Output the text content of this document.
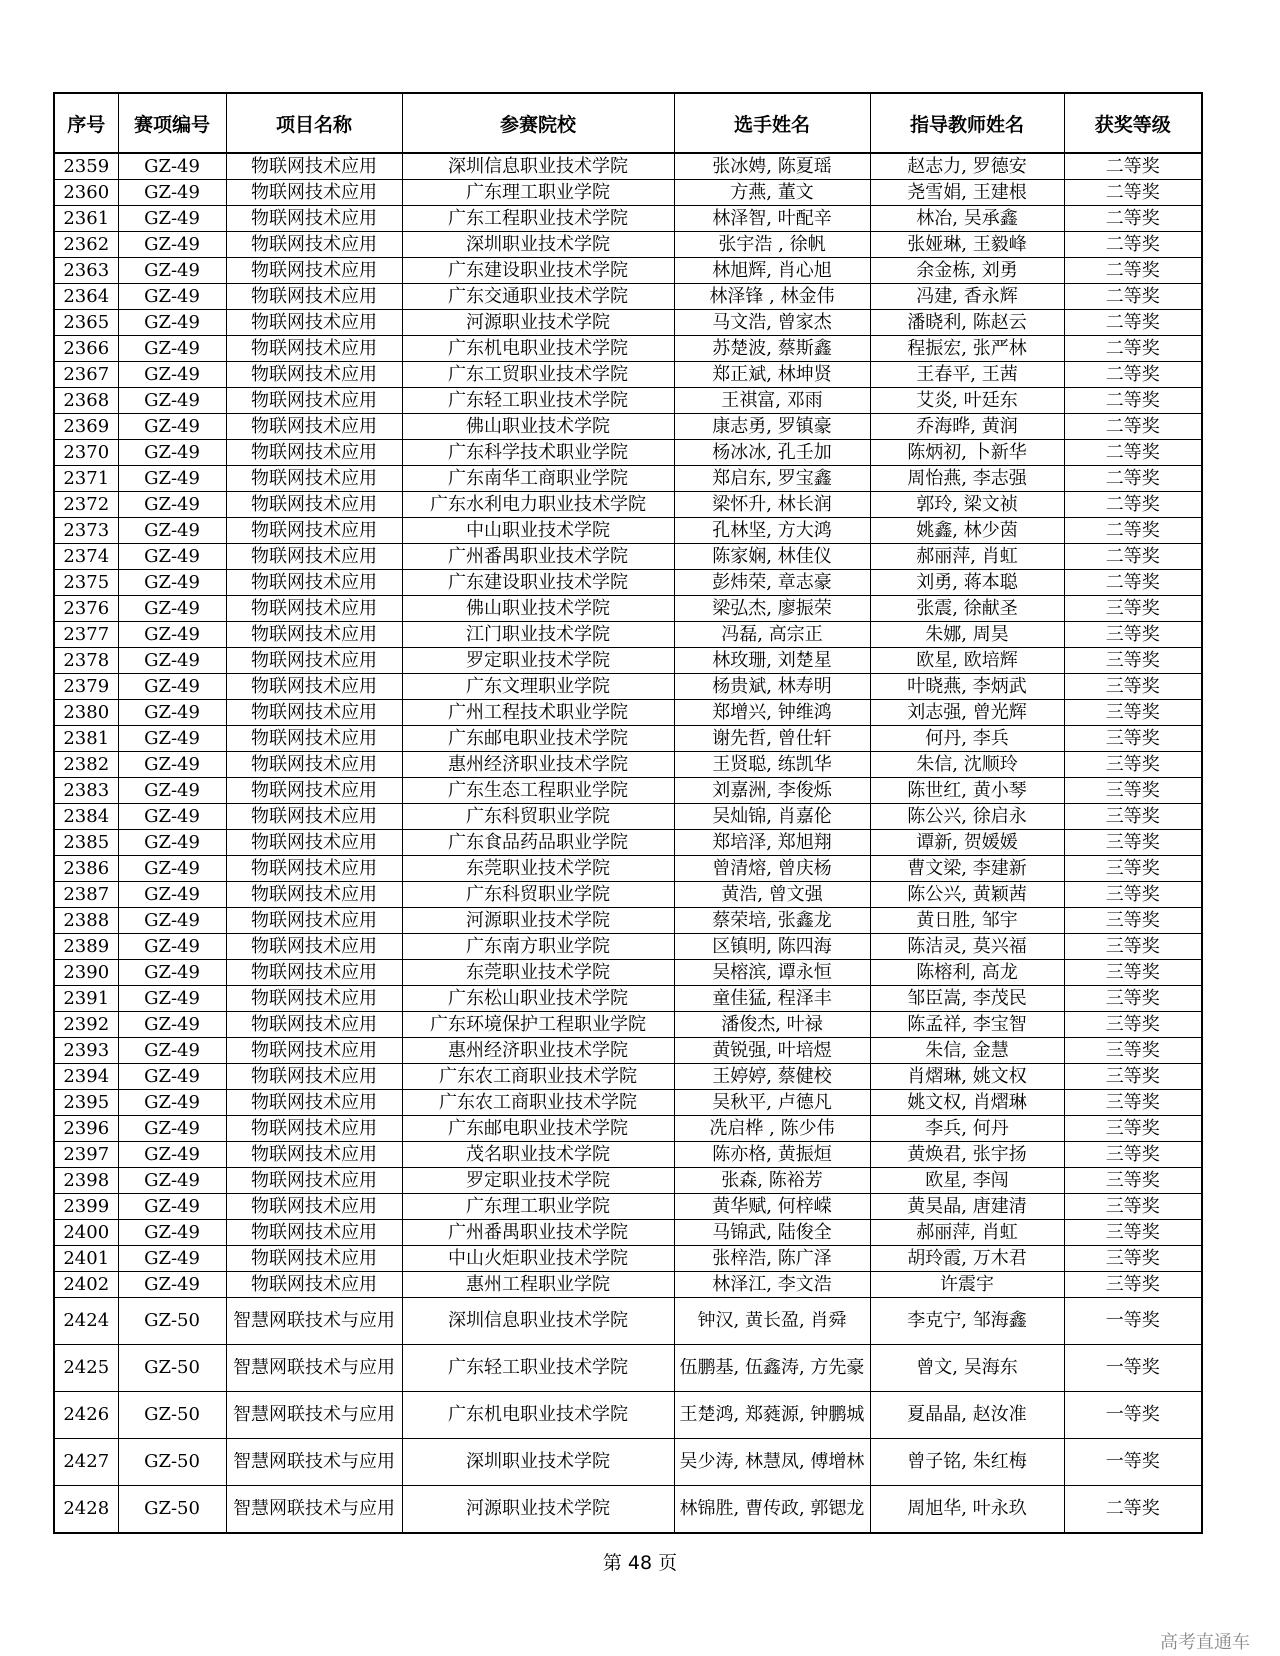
序号	赛项编号	项目名称	参赛院校	选手姓名	指导教师姓名	获奖等级
2359	GZ-49	物联网技术应用	深圳信息职业技术学院	张冰娉, 陈夏瑶	赵志力, 罗德安	二等奖
2360	GZ-49	物联网技术应用	广东理工职业学院	方燕, 董文	尧雪娟, 王建根	二等奖
2361	GZ-49	物联网技术应用	广东工程职业技术学院	林泽智, 叶配辛	林冶, 吴承鑫	二等奖
2362	GZ-49	物联网技术应用	深圳职业技术学院	张宇浩 , 徐帆	张娅琳, 王毅峰	二等奖
2363	GZ-49	物联网技术应用	广东建设职业技术学院	林旭辉, 肖心旭	余金栋, 刘勇	二等奖
2364	GZ-49	物联网技术应用	广东交通职业技术学院	林泽锋 , 林金伟	冯建, 香永辉	二等奖
2365	GZ-49	物联网技术应用	河源职业技术学院	马文浩, 曾家杰	潘晓利, 陈赵云	二等奖
2366	GZ-49	物联网技术应用	广东机电职业技术学院	苏楚波, 蔡斯鑫	程振宏, 张严林	二等奖
2367	GZ-49	物联网技术应用	广东工贸职业技术学院	郑正斌, 林坤贤	王春平, 王茜	二等奖
2368	GZ-49	物联网技术应用	广东轻工职业技术学院	王祺富, 邓雨	艾炎, 叶廷东	二等奖
2369	GZ-49	物联网技术应用	佛山职业技术学院	康志勇, 罗镇豪	乔海晔, 黄润	二等奖
2370	GZ-49	物联网技术应用	广东科学技术职业学院	杨冰冰, 孔壬加	陈炳初, 卜新华	二等奖
2371	GZ-49	物联网技术应用	广东南华工商职业学院	郑启东, 罗宝鑫	周怡燕, 李志强	二等奖
2372	GZ-49	物联网技术应用	广东水利电力职业技术学院	梁怀升, 林长润	郭玲, 梁文祯	二等奖
2373	GZ-49	物联网技术应用	中山职业技术学院	孔林坚, 方大鸿	姚鑫, 林少茵	二等奖
2374	GZ-49	物联网技术应用	广州番禺职业技术学院	陈家娴, 林佳仪	郝丽萍, 肖虹	二等奖
2375	GZ-49	物联网技术应用	广东建设职业技术学院	彭炜荣, 章志豪	刘勇, 蒋本聪	二等奖
2376	GZ-49	物联网技术应用	佛山职业技术学院	梁弘杰, 廖振荣	张震, 徐献圣	三等奖
2377	GZ-49	物联网技术应用	江门职业技术学院	冯磊, 高宗正	朱娜, 周昊	三等奖
2378	GZ-49	物联网技术应用	罗定职业技术学院	林玫珊, 刘楚星	欧星, 欧培辉	三等奖
2379	GZ-49	物联网技术应用	广东文理职业学院	杨贵斌, 林寿明	叶晓燕, 李炳武	三等奖
2380	GZ-49	物联网技术应用	广州工程技术职业学院	郑增兴, 钟维鸿	刘志强, 曾光辉	三等奖
2381	GZ-49	物联网技术应用	广东邮电职业技术学院	谢先哲, 曾仕轩	何丹, 李兵	三等奖
2382	GZ-49	物联网技术应用	惠州经济职业技术学院	王贤聪, 练凯华	朱信, 沈顺玲	三等奖
2383	GZ-49	物联网技术应用	广东生态工程职业学院	刘嘉洲, 李俊烁	陈世红, 黄小琴	三等奖
2384	GZ-49	物联网技术应用	广东科贸职业学院	吴灿锦, 肖嘉伦	陈公兴, 徐启永	三等奖
2385	GZ-49	物联网技术应用	广东食品药品职业学院	郑培泽, 郑旭翔	谭新, 贺媛媛	三等奖
2386	GZ-49	物联网技术应用	东莞职业技术学院	曾清熔, 曾庆杨	曹文梁, 李建新	三等奖
2387	GZ-49	物联网技术应用	广东科贸职业学院	黄浩, 曾文强	陈公兴, 黄颖茜	三等奖
2388	GZ-49	物联网技术应用	河源职业技术学院	蔡荣培, 张鑫龙	黄日胜, 邹宇	三等奖
2389	GZ-49	物联网技术应用	广东南方职业学院	区镇明, 陈四海	陈洁灵, 莫兴福	三等奖
2390	GZ-49	物联网技术应用	东莞职业技术学院	吴榕滨, 谭永恒	陈榕利, 高龙	三等奖
2391	GZ-49	物联网技术应用	广东松山职业技术学院	童佳猛, 程泽丰	邹臣嵩, 李茂民	三等奖
2392	GZ-49	物联网技术应用	广东环境保护工程职业学院	潘俊杰, 叶禄	陈孟祥, 李宝智	三等奖
2393	GZ-49	物联网技术应用	惠州经济职业技术学院	黄锐强, 叶培煜	朱信, 金慧	三等奖
2394	GZ-49	物联网技术应用	广东农工商职业技术学院	王婷婷, 蔡健校	肖熠琳, 姚文权	三等奖
2395	GZ-49	物联网技术应用	广东农工商职业技术学院	吴秋平, 卢德凡	姚文权, 肖熠琳	三等奖
2396	GZ-49	物联网技术应用	广东邮电职业技术学院	冼启桦 , 陈少伟	李兵, 何丹	三等奖
2397	GZ-49	物联网技术应用	茂名职业技术学院	陈亦格, 黄振烜	黄焕君, 张宇扬	三等奖
2398	GZ-49	物联网技术应用	罗定职业技术学院	张森, 陈裕芳	欧星, 李闯	三等奖
2399	GZ-49	物联网技术应用	广东理工职业学院	黄华赋, 何梓嵘	黄昊晶, 唐建清	三等奖
2400	GZ-49	物联网技术应用	广州番禺职业技术学院	马锦武, 陆俊全	郝丽萍, 肖虹	三等奖
2401	GZ-49	物联网技术应用	中山火炬职业技术学院	张梓浩, 陈广泽	胡玲霞, 万木君	三等奖
2402	GZ-49	物联网技术应用	惠州工程职业学院	林泽江, 李文浩	许震宇	三等奖
2424	GZ-50	智慧网联技术与应用	深圳信息职业技术学院	钟汉, 黄长盈, 肖舜	李克宁, 邹海鑫	一等奖
2425	GZ-50	智慧网联技术与应用	广东轻工职业技术学院	伍鹏基, 伍鑫涛, 方先豪	曾文, 吴海东	一等奖
2426	GZ-50	智慧网联技术与应用	广东机电职业技术学院	王楚鸿, 郑蕤源, 钟鹏城	夏晶晶, 赵汝准	一等奖
2427	GZ-50	智慧网联技术与应用	深圳职业技术学院	吴少涛, 林慧凤, 傅增林	曾子铭, 朱红梅	一等奖
2428	GZ-50	智慧网联技术与应用	河源职业技术学院	林锦胜, 曹传政, 郭锶龙	周旭华, 叶永玖	二等奖
第 48 页
高考直通车
